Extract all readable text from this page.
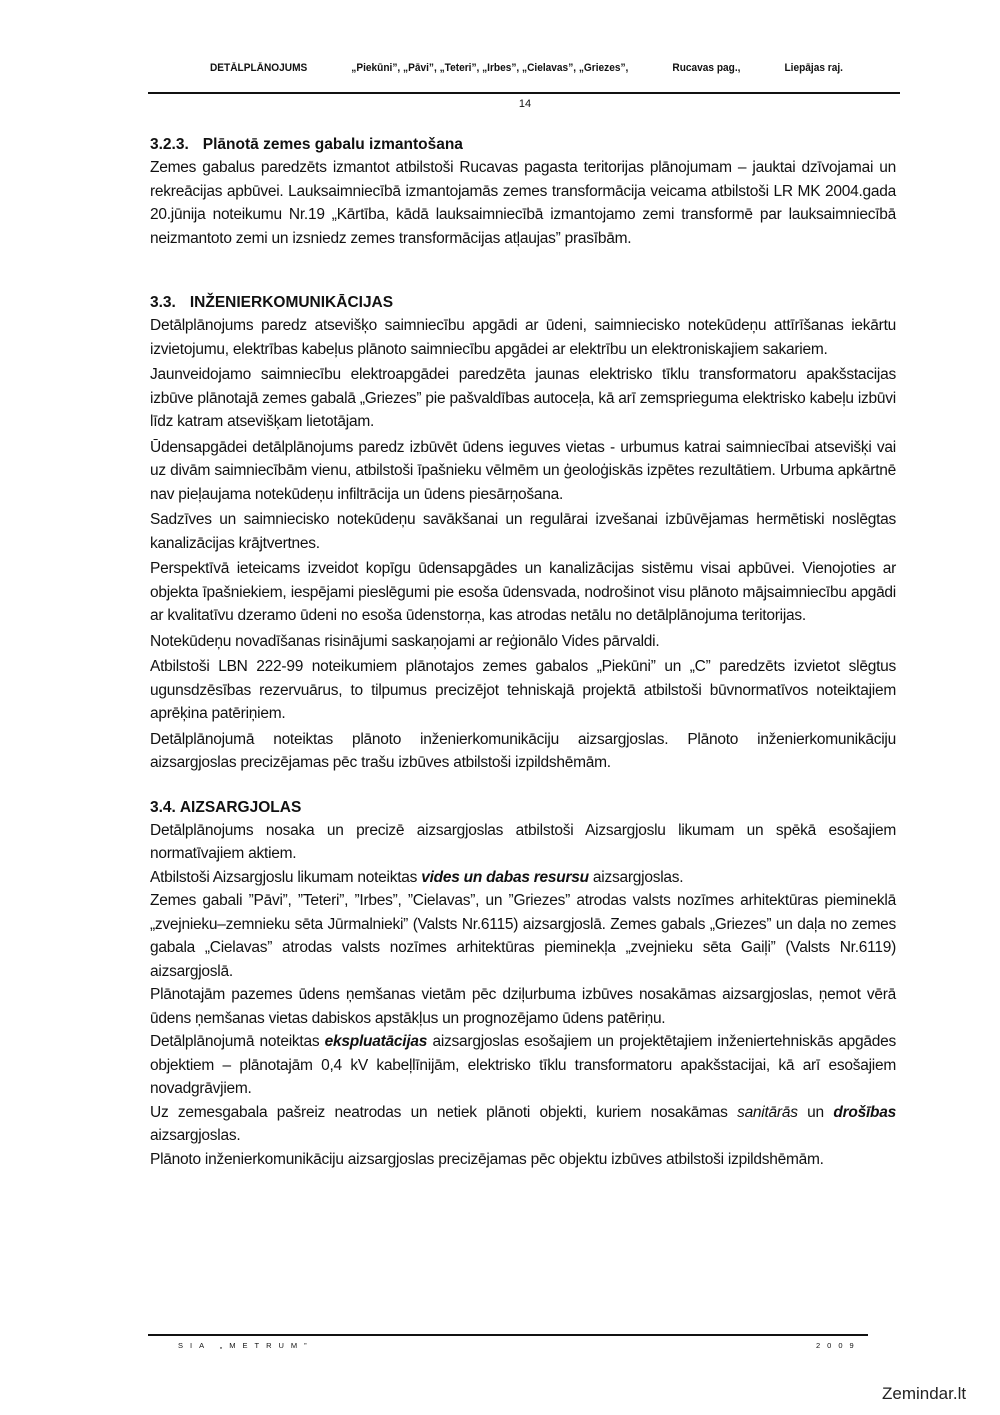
DETĀLPLĀNOJUMS	„Piekūni”, „Pāvi”, „Teteri”, „Irbes”, „Cielavas”, „Griezes”,	Rucavas pag.,	Liepājas raj.
14
3.2.3. Plānotā zemes gabalu izmantošana

Zemes gabalus paredzēts izmantot atbilstoši Rucavas pagasta teritorijas plānojumam – jauktai dzīvojamai un rekreācijas apbūvei. Lauksaimniecībā izmantojamās zemes transformācija veicama atbilstoši LR MK 2004.gada 20.jūnija noteikumu Nr.19 „Kārtība, kādā lauksaimniecībā izmantojamo zemi transformē par lauksaimniecībā neizmantoto zemi un izsniedz zemes transformācijas atļaujas” prasībām.

3.3. INŽENIERKOMUNIKĀCIJAS

Detālplānojums paredz atsevišķo saimniecību apgādi ar ūdeni, saimniecisko notekūdeņu attīrīšanas iekārtu izvietojumu, elektrības kabeļus plānoto saimniecību apgādei ar elektrību un elektroniskajiem sakariem.

Jaunveidojamo saimniecību elektroapgādei paredzēta jaunas elektrisko tīklu transformatoru apakšstacijas izbūve plānotajā zemes gabalā „Griezes” pie pašvaldības autoceļa, kā arī zemsprieguma elektrisko kabeļu izbūvi līdz katram atsevišķam lietotājam.

Ūdensapgādei detālplānojums paredz izbūvēt ūdens ieguves vietas - urbumus katrai saimniecībai atsevišķi vai uz divām saimniecībām vienu, atbilstoši īpašnieku vēlmēm un ģeoloģiskās izpētes rezultātiem. Urbuma apkārtnē nav pieļaujama notekūdeņu infiltrācija un ūdens piesārņošana.

Sadzīves un saimniecisko notekūdeņu savākšanai un regulārai izvešanai izbūvējamas hermētiski noslēgtas kanalizācijas krājtvertnes.

Perspektīvā ieteicams izveidot kopīgu ūdensapgādes un kanalizācijas sistēmu visai apbūvei. Vienojoties ar objekta īpašniekiem, iespējami pieslēgumi pie esoša ūdensvada, nodrošinot visu plānoto mājsaimniecību apgādi ar kvalitatīvu dzeramo ūdeni no esoša ūdenstorņa, kas atrodas netālu no detālplānojuma teritorijas.

Notekūdeņu novadīšanas risinājumi saskaņojami ar reģionālo Vides pārvaldi.

Atbilstoši LBN 222-99 noteikumiem plānotajos zemes gabalos „Piekūni” un „C” paredzēts izvietot slēgtus ugunsdzēsības rezervuārus, to tilpumus precizējot tehniskajā projektā atbilstoši būvnormatīvos noteiktajiem aprēķina patēriņiem.

Detālplānojumā noteiktas plānoto inženierkomunikāciju aizsargjoslas. Plānoto inženierkomunikāciju aizsargjoslas precizējamas pēc trašu izbūves atbilstoši izpildshēmām.

3.4. AIZSARGJOLAS

Detālplānojums nosaka un precizē aizsargjoslas atbilstoši Aizsargjoslu likumam un spēkā esošajiem normatīvajiem aktiem.

Atbilstoši Aizsargjoslu likumam noteiktas vides un dabas resursu aizsargjoslas.

Zemes gabali ”Pāvi”, ”Teteri”, ”Irbes”, ”Cielavas”, un ”Griezes” atrodas valsts nozīmes arhitektūras piemineklā „zvejnieku–zemnieku sēta Jūrmalnieki” (Valsts Nr.6115) aizsargjoslā. Zemes gabals „Griezes” un daļa no zemes gabala „Cielavas” atrodas valsts nozīmes arhitektūras pieminekļa „zvejnieku sēta Gaiļi” (Valsts Nr.6119) aizsargjoslā.

Plānotajām pazemes ūdens ņemšanas vietām pēc dziļurbuma izbūves nosakāmas aizsargjoslas, ņemot vērā ūdens ņemšanas vietas dabiskos apstākļus un prognozējamo ūdens patēriņu.

Detālplānojumā noteiktas ekspluatācijas aizsargjoslas esošajiem un projektētajiem inženiertehniskās apgādes objektiem – plānotajām 0,4 kV kabeļlīnijām, elektrisko tīklu transformatoru apakšstacijai, kā arī esošajiem novadgrāvjiem.

Uz zemesgabala pašreiz neatrodas un netiek plānoti objekti, kuriem nosakāmas sanitārās un drošības aizsargjoslas.

Plānoto inženierkomunikāciju aizsargjoslas precizējamas pēc objektu izbūves atbilstoši izpildshēmām.

SIA „METRUM”	2009
Zemindar.lt
